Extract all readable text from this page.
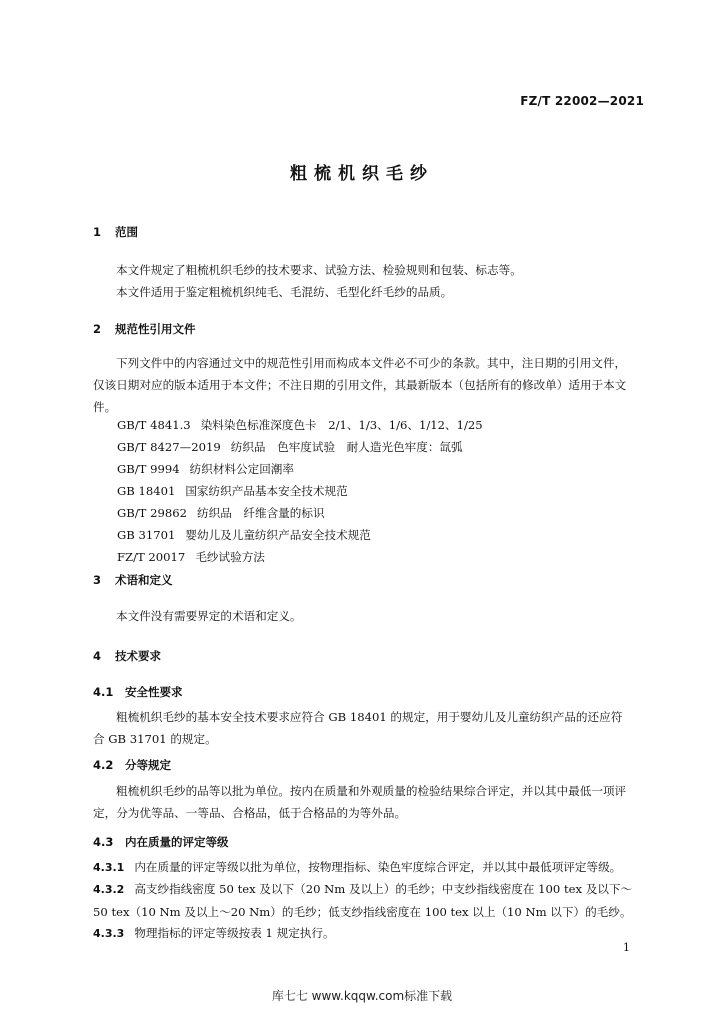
FZ/T 22002—2021
粗梳机织毛纱
1 范围
本文件规定了粗梳机织毛纱的技术要求、试验方法、检验规则和包装、标志等。
本文件适用于鉴定粗梳机织纯毛、毛混纺、毛型化纤毛纱的品质。
2 规范性引用文件
下列文件中的内容通过文中的规范性引用而构成本文件必不可少的条款。其中，注日期的引用文件，仅该日期对应的版本适用于本文件；不注日期的引用文件，其最新版本（包括所有的修改单）适用于本文件。
GB/T 4841.3 染料染色标准深度色卡　2/1、1/3、1/6、1/12、1/25
GB/T 8427—2019 纺织品　色牢度试验　耐人造光色牢度：氙弧
GB/T 9994 纺织材料公定回潮率
GB 18401 国家纺织产品基本安全技术规范
GB/T 29862 纺织品　纤维含量的标识
GB 31701 婴幼儿及儿童纺织产品安全技术规范
FZ/T 20017 毛纱试验方法
3 术语和定义
本文件没有需要界定的术语和定义。
4 技术要求
4.1 安全性要求
粗梳机织毛纱的基本安全技术要求应符合 GB 18401 的规定，用于婴幼儿及儿童纺织产品的还应符合 GB 31701 的规定。
4.2 分等规定
粗梳机织毛纱的品等以批为单位。按内在质量和外观质量的检验结果综合评定，并以其中最低一项评定，分为优等品、一等品、合格品，低于合格品的为等外品。
4.3 内在质量的评定等级
4.3.1 内在质量的评定等级以批为单位，按物理指标、染色牢度综合评定，并以其中最低项评定等级。
4.3.2 高支纱指线密度 50 tex 及以下（20 Nm 及以上）的毛纱；中支纱指线密度在 100 tex 及以下～50 tex（10 Nm 及以上～20 Nm）的毛纱；低支纱指线密度在 100 tex 以上（10 Nm 以下）的毛纱。
4.3.3 物理指标的评定等级按表 1 规定执行。
1
库七七 www.kqqw.com标准下载
